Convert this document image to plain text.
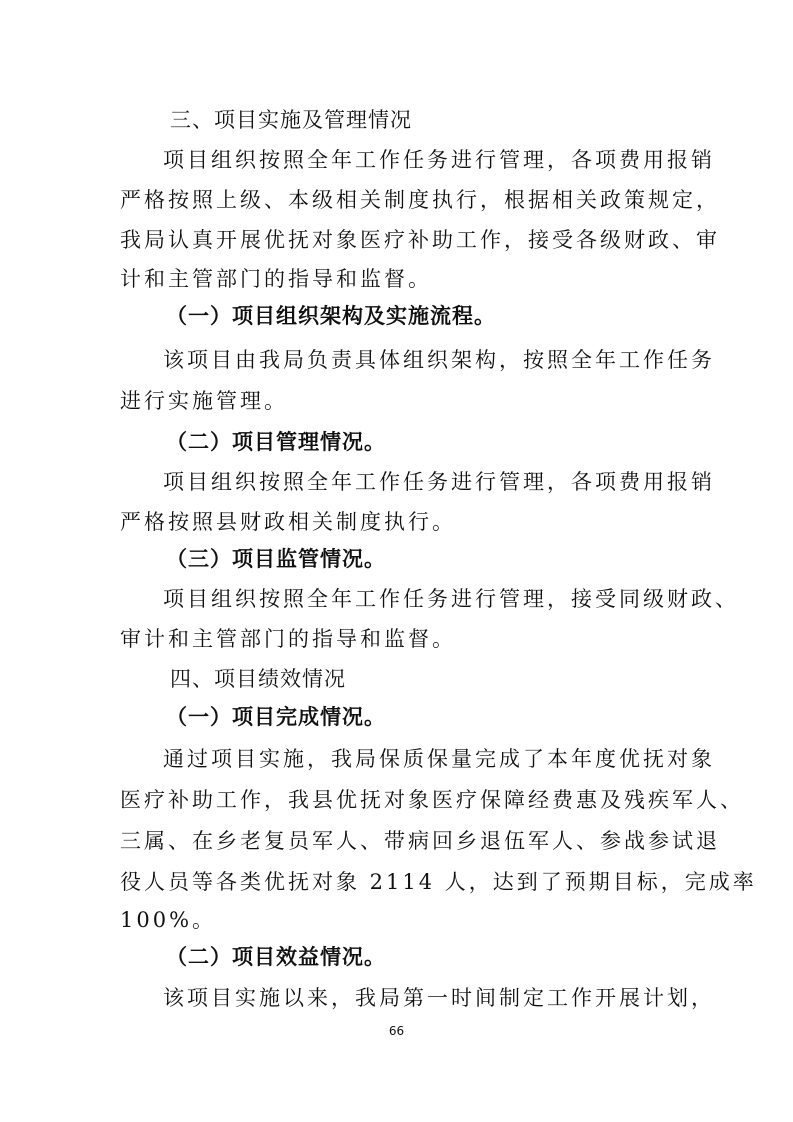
三、项目实施及管理情况
项目组织按照全年工作任务进行管理，各项费用报销
严格按照上级、本级相关制度执行，根据相关政策规定，
我局认真开展优抚对象医疗补助工作，接受各级财政、审
计和主管部门的指导和监督。
（一）项目组织架构及实施流程。
该项目由我局负责具体组织架构，按照全年工作任务
进行实施管理。
（二）项目管理情况。
项目组织按照全年工作任务进行管理，各项费用报销
严格按照县财政相关制度执行。
（三）项目监管情况。
项目组织按照全年工作任务进行管理，接受同级财政、
审计和主管部门的指导和监督。
四、项目绩效情况
（一）项目完成情况。
通过项目实施，我局保质保量完成了本年度优抚对象
医疗补助工作，我县优抚对象医疗保障经费惠及残疾军人、
三属、在乡老复员军人、带病回乡退伍军人、参战参试退
役人员等各类优抚对象 2114 人，达到了预期目标，完成率
100%。
（二）项目效益情况。
该项目实施以来，我局第一时间制定工作开展计划，
66
